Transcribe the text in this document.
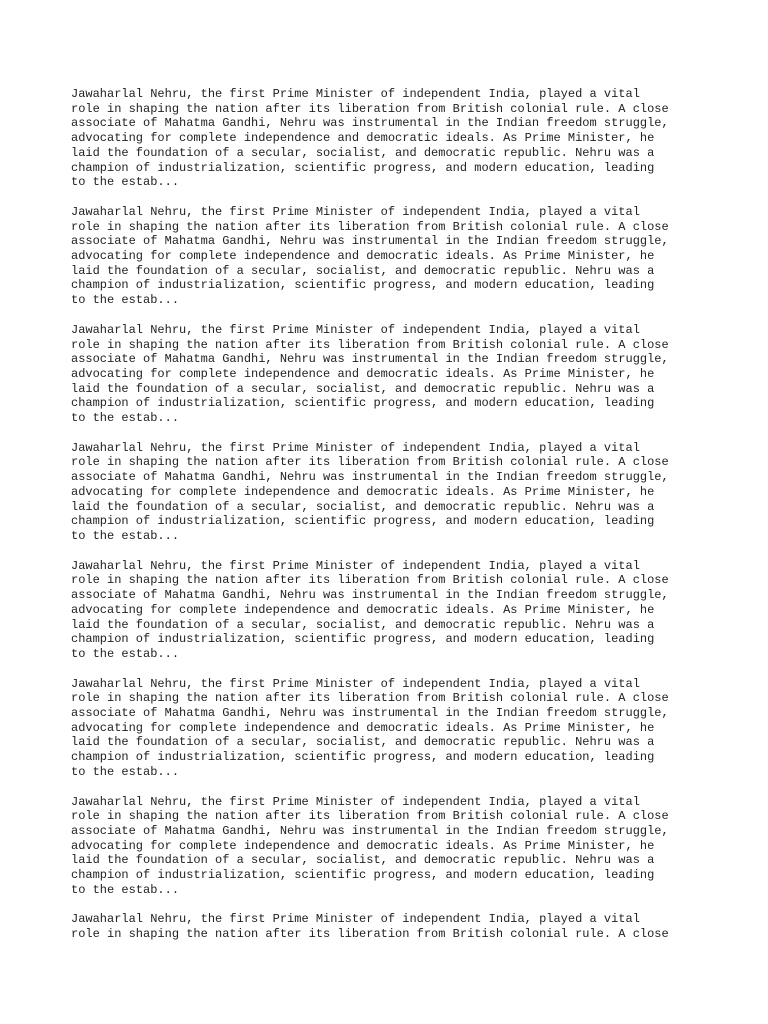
Jawaharlal Nehru, the first Prime Minister of independent India, played a vital
role in shaping the nation after its liberation from British colonial rule. A close
associate of Mahatma Gandhi, Nehru was instrumental in the Indian freedom struggle,
advocating for complete independence and democratic ideals. As Prime Minister, he
laid the foundation of a secular, socialist, and democratic republic. Nehru was a
champion of industrialization, scientific progress, and modern education, leading
to the estab...

Jawaharlal Nehru, the first Prime Minister of independent India, played a vital
role in shaping the nation after its liberation from British colonial rule. A close
associate of Mahatma Gandhi, Nehru was instrumental in the Indian freedom struggle,
advocating for complete independence and democratic ideals. As Prime Minister, he
laid the foundation of a secular, socialist, and democratic republic. Nehru was a
champion of industrialization, scientific progress, and modern education, leading
to the estab...

Jawaharlal Nehru, the first Prime Minister of independent India, played a vital
role in shaping the nation after its liberation from British colonial rule. A close
associate of Mahatma Gandhi, Nehru was instrumental in the Indian freedom struggle,
advocating for complete independence and democratic ideals. As Prime Minister, he
laid the foundation of a secular, socialist, and democratic republic. Nehru was a
champion of industrialization, scientific progress, and modern education, leading
to the estab...

Jawaharlal Nehru, the first Prime Minister of independent India, played a vital
role in shaping the nation after its liberation from British colonial rule. A close
associate of Mahatma Gandhi, Nehru was instrumental in the Indian freedom struggle,
advocating for complete independence and democratic ideals. As Prime Minister, he
laid the foundation of a secular, socialist, and democratic republic. Nehru was a
champion of industrialization, scientific progress, and modern education, leading
to the estab...

Jawaharlal Nehru, the first Prime Minister of independent India, played a vital
role in shaping the nation after its liberation from British colonial rule. A close
associate of Mahatma Gandhi, Nehru was instrumental in the Indian freedom struggle,
advocating for complete independence and democratic ideals. As Prime Minister, he
laid the foundation of a secular, socialist, and democratic republic. Nehru was a
champion of industrialization, scientific progress, and modern education, leading
to the estab...

Jawaharlal Nehru, the first Prime Minister of independent India, played a vital
role in shaping the nation after its liberation from British colonial rule. A close
associate of Mahatma Gandhi, Nehru was instrumental in the Indian freedom struggle,
advocating for complete independence and democratic ideals. As Prime Minister, he
laid the foundation of a secular, socialist, and democratic republic. Nehru was a
champion of industrialization, scientific progress, and modern education, leading
to the estab...

Jawaharlal Nehru, the first Prime Minister of independent India, played a vital
role in shaping the nation after its liberation from British colonial rule. A close
associate of Mahatma Gandhi, Nehru was instrumental in the Indian freedom struggle,
advocating for complete independence and democratic ideals. As Prime Minister, he
laid the foundation of a secular, socialist, and democratic republic. Nehru was a
champion of industrialization, scientific progress, and modern education, leading
to the estab...

Jawaharlal Nehru, the first Prime Minister of independent India, played a vital
role in shaping the nation after its liberation from British colonial rule. A close
